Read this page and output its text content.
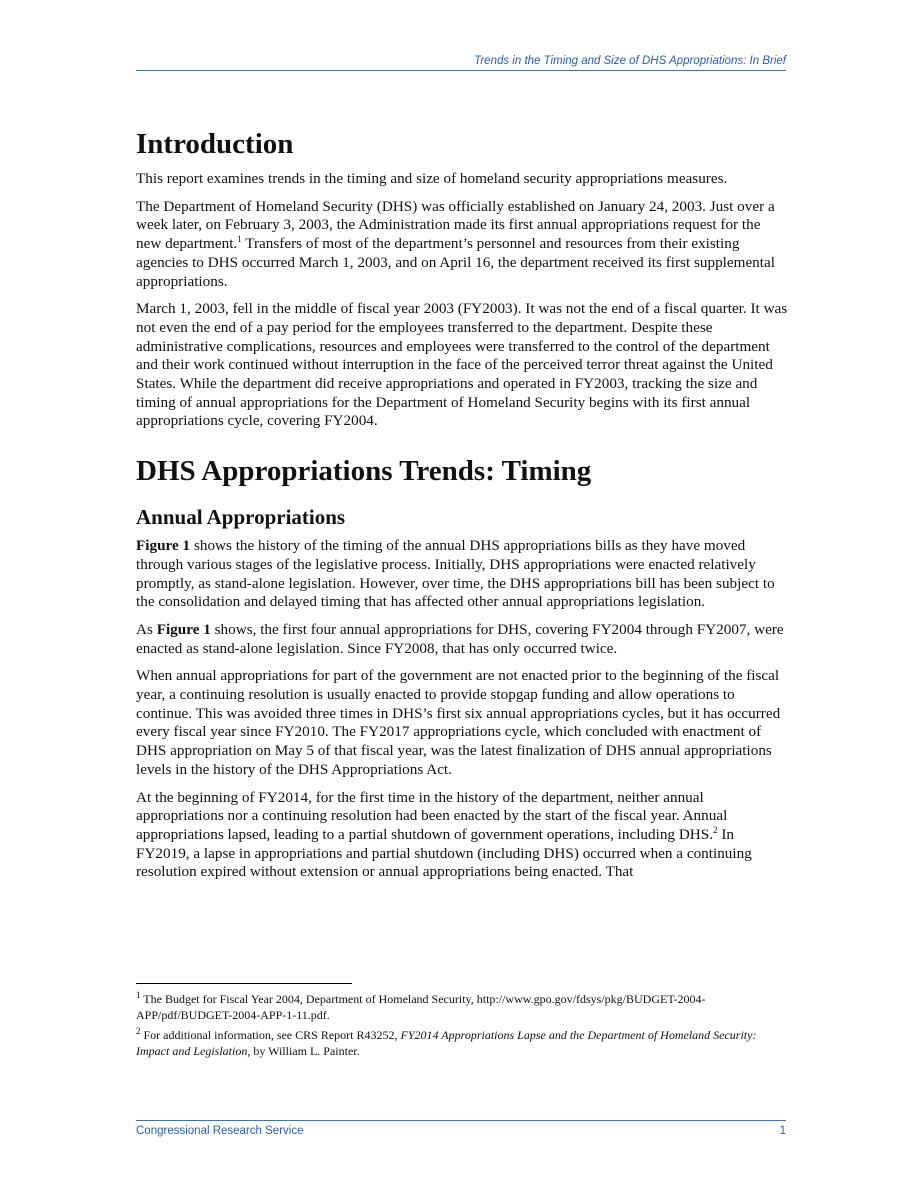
Trends in the Timing and Size of DHS Appropriations: In Brief
Introduction

This report examines trends in the timing and size of homeland security appropriations measures.

The Department of Homeland Security (DHS) was officially established on January 24, 2003. Just over a week later, on February 3, 2003, the Administration made its first annual appropriations request for the new department.$^1$ Transfers of most of the department’s personnel and resources from their existing agencies to DHS occurred March 1, 2003, and on April 16, the department received its first supplemental appropriations.

March 1, 2003, fell in the middle of fiscal year 2003 (FY2003). It was not the end of a fiscal quarter. It was not even the end of a pay period for the employees transferred to the department. Despite these administrative complications, resources and employees were transferred to the control of the department and their work continued without interruption in the face of the perceived terror threat against the United States. While the department did receive appropriations and operated in FY2003, tracking the size and timing of annual appropriations for the Department of Homeland Security begins with its first annual appropriations cycle, covering FY2004.

DHS Appropriations Trends: Timing
Annual Appropriations

Figure 1 shows the history of the timing of the annual DHS appropriations bills as they have moved through various stages of the legislative process. Initially, DHS appropriations were enacted relatively promptly, as stand-alone legislation. However, over time, the DHS appropriations bill has been subject to the consolidation and delayed timing that has affected other annual appropriations legislation.

As Figure 1 shows, the first four annual appropriations for DHS, covering FY2004 through FY2007, were enacted as stand-alone legislation. Since FY2008, that has only occurred twice.

When annual appropriations for part of the government are not enacted prior to the beginning of the fiscal year, a continuing resolution is usually enacted to provide stopgap funding and allow operations to continue. This was avoided three times in DHS’s first six annual appropriations cycles, but it has occurred every fiscal year since FY2010. The FY2017 appropriations cycle, which concluded with enactment of DHS appropriation on May 5 of that fiscal year, was the latest finalization of DHS annual appropriations levels in the history of the DHS Appropriations Act.

At the beginning of FY2014, for the first time in the history of the department, neither annual appropriations nor a continuing resolution had been enacted by the start of the fiscal year. Annual appropriations lapsed, leading to a partial shutdown of government operations, including DHS.$^2$ In FY2019, a lapse in appropriations and partial shutdown (including DHS) occurred when a continuing resolution expired without extension or annual appropriations being enacted. That

$^1$ The Budget for Fiscal Year 2004, Department of Homeland Security, http://www.gpo.gov/fdsys/pkg/BUDGET-2004-APP/pdf/BUDGET-2004-APP-1-11.pdf.

$^2$ For additional information, see CRS Report R43252, FY2014 Appropriations Lapse and the Department of Homeland Security: Impact and Legislation, by William L. Painter.

Congressional Research Service	1
